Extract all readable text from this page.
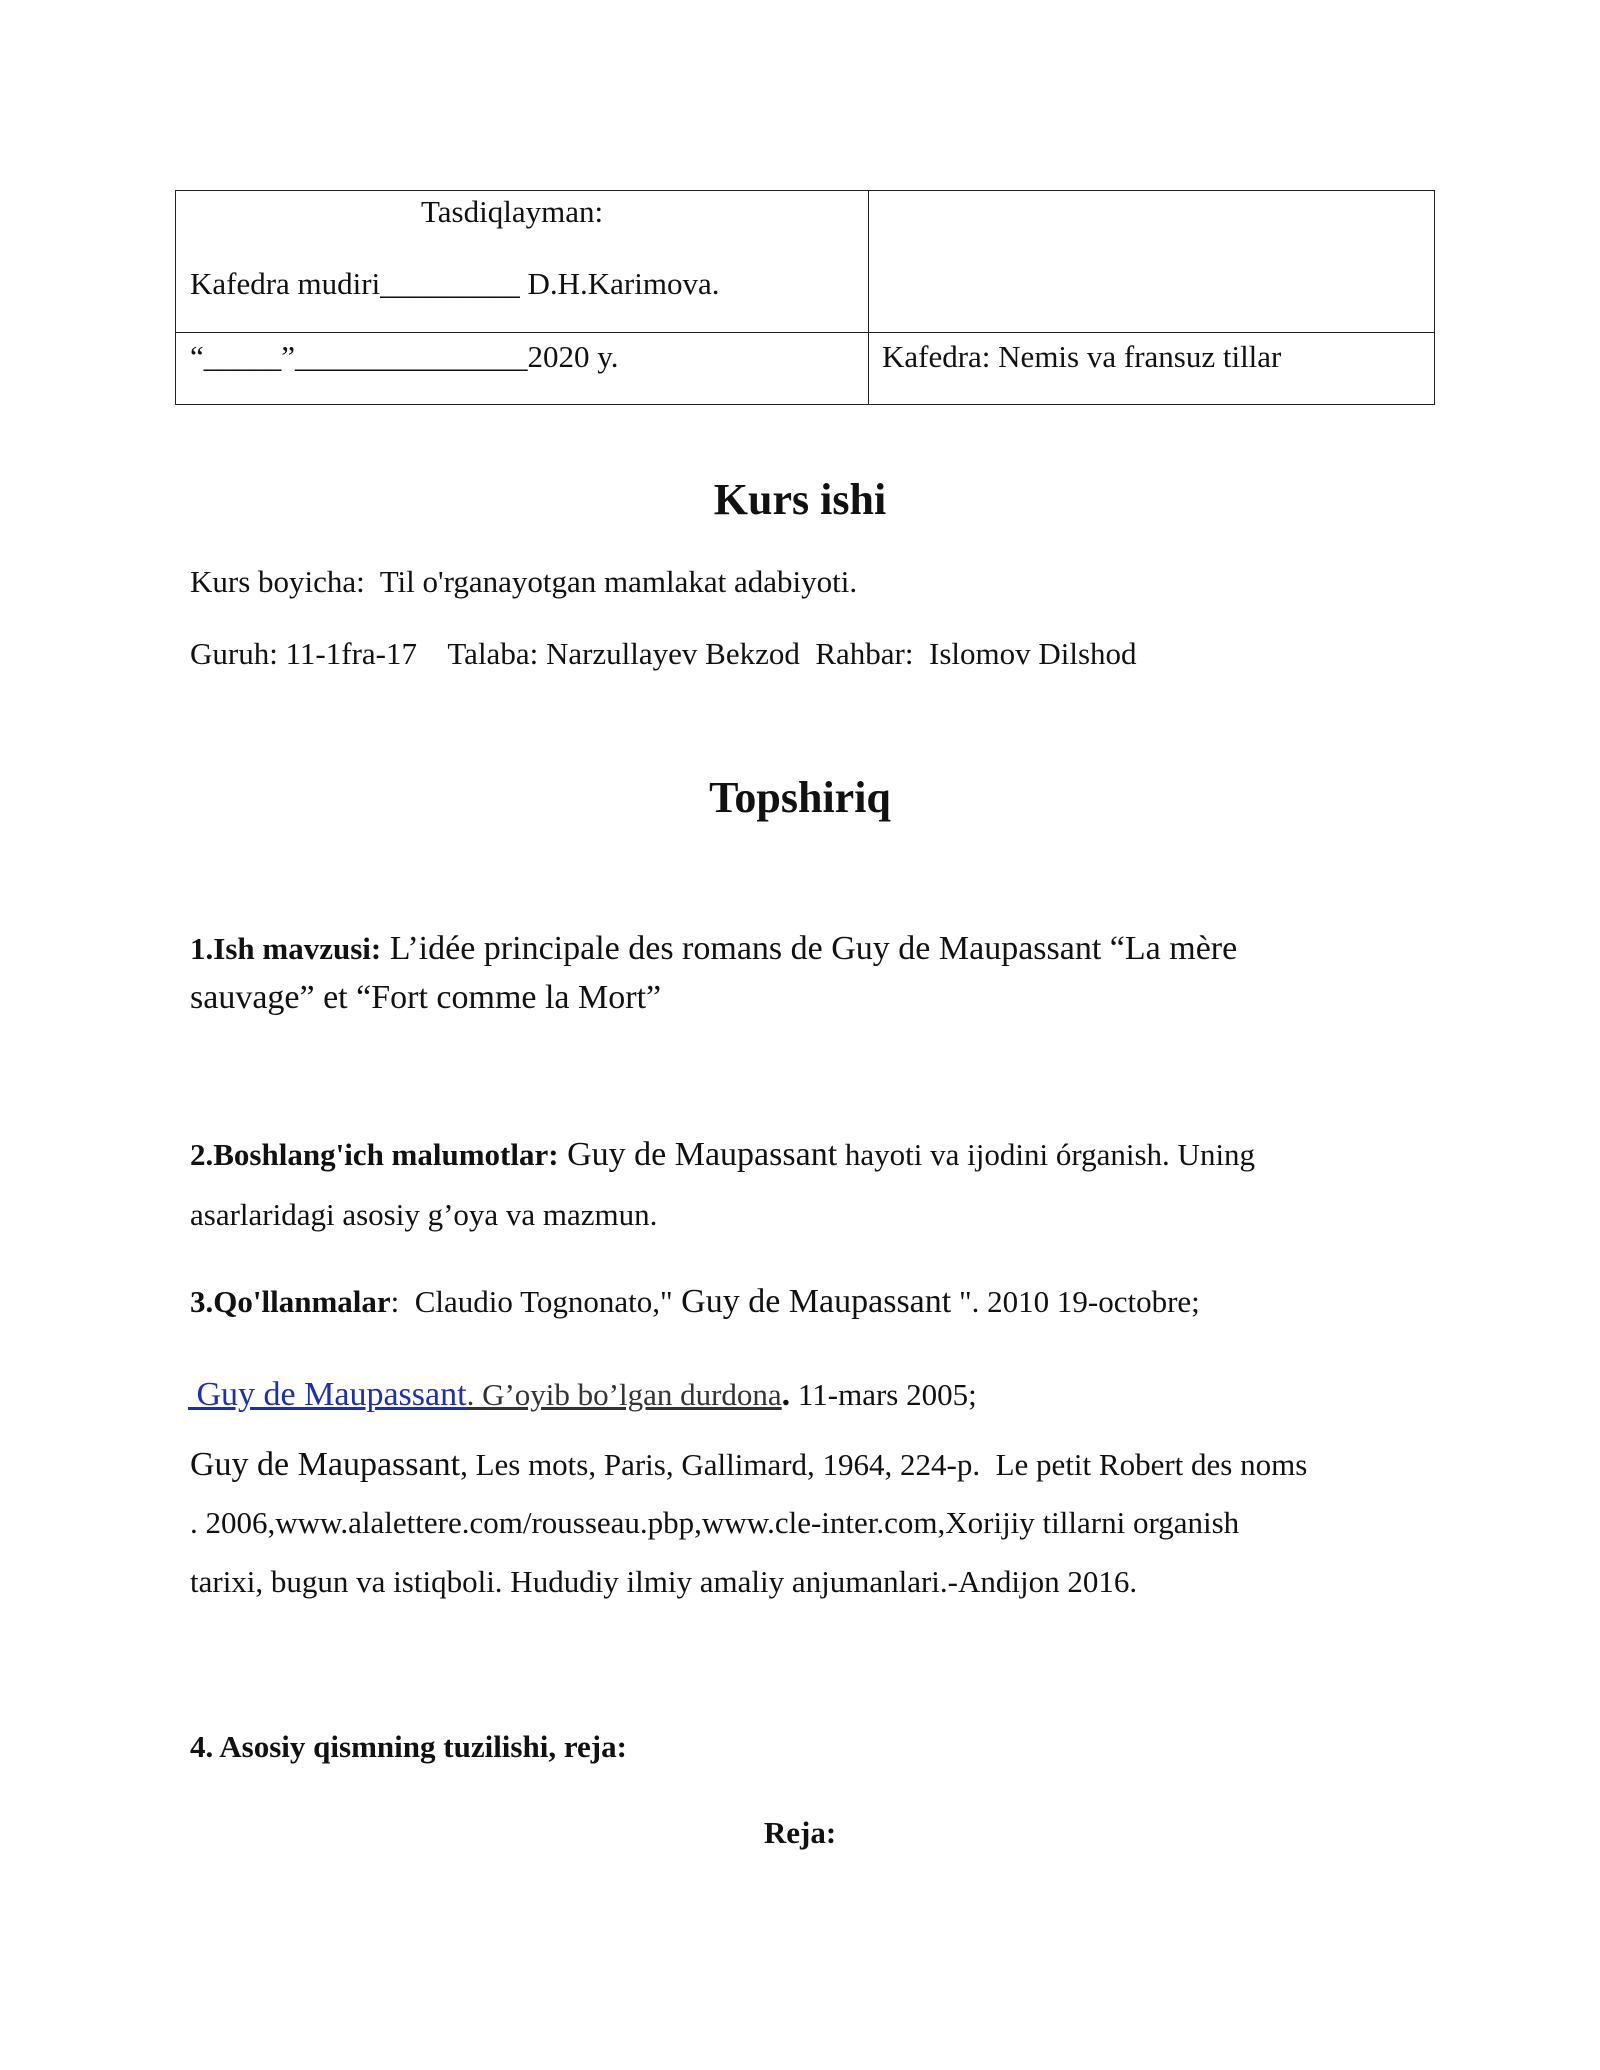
Tasdiqlayman:
Kafedra mudiri_________ D.H.Karimova.
“_____”_______________2020 y.	Kafedra: Nemis va fransuz tillar
Kurs ishi
Kurs boyicha:  Til o'rganayotgan mamlakat adabiyoti.
Guruh: 11-1fra-17    Talaba: Narzullayev Bekzod  Rahbar:  Islomov Dilshod
Topshiriq
1.Ish mavzusi: L’idée principale des romans de Guy de Maupassant “La mère
sauvage” et “Fort comme la Mort”
2.Boshlang'ich malumotlar: Guy de Maupassant hayoti va ijodini órganish. Uning
asarlaridagi asosiy g’oya va mazmun.
3.Qo'llanmalar:  Claudio Tognonato," Guy de Maupassant ". 2010 19-octobre;
Guy de Maupassant. G’oyib bo’lgan durdona. 11-mars 2005;
Guy de Maupassant, Les mots, Paris, Gallimard, 1964, 224-p.  Le petit Robert des noms
. 2006,www.alalettere.com/rousseau.pbp,www.cle-inter.com,Xorijiy tillarni organish
tarixi, bugun va istiqboli. Hududiy ilmiy amaliy anjumanlari.-Andijon 2016.
4. Asosiy qismning tuzilishi, reja:
Reja:
